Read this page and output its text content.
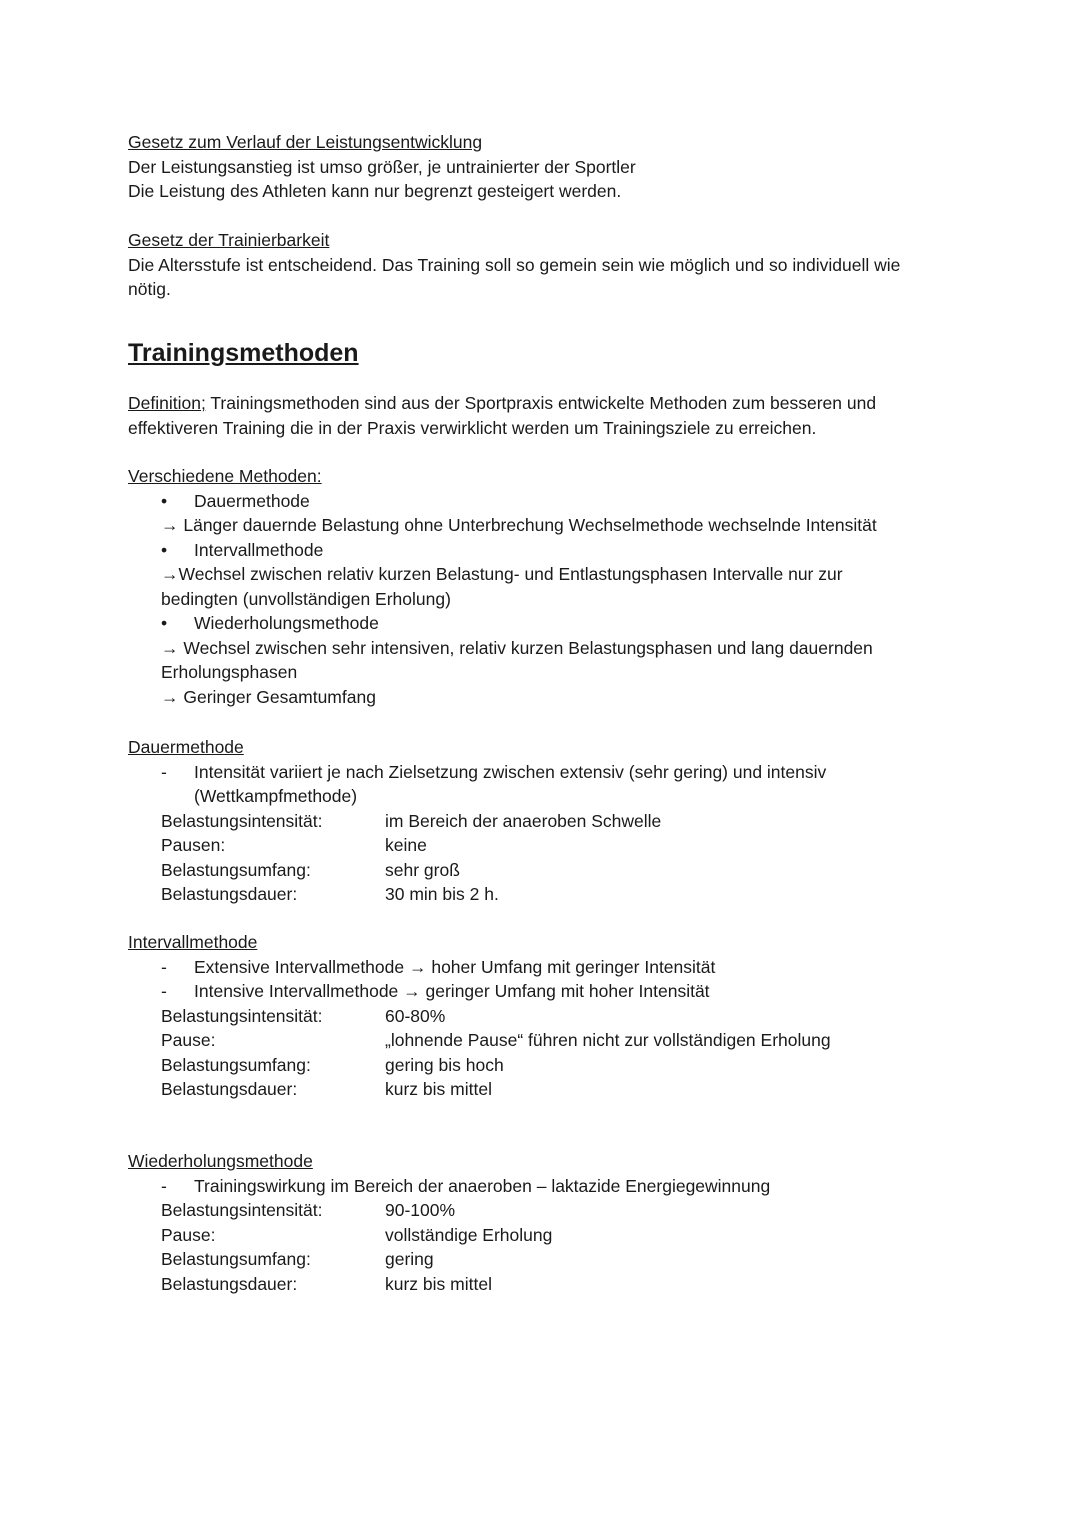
Gesetz zum Verlauf der Leistungsentwicklung
Der Leistungsanstieg ist umso größer, je untrainierter der Sportler
Die Leistung des Athleten kann nur begrenzt gesteigert werden.
Gesetz der Trainierbarkeit
Die Altersstufe ist entscheidend. Das Training soll so gemein sein wie möglich und so individuell wie
nötig.
Trainingsmethoden
Definition; Trainingsmethoden sind aus der Sportpraxis entwickelte Methoden zum besseren und
effektiveren Training die in der Praxis verwirklicht werden um Trainingsziele zu erreichen.
Verschiedene Methoden:
•	Dauermethode
→ Länger dauernde Belastung ohne Unterbrechung Wechselmethode wechselnde Intensität
•	Intervallmethode
→Wechsel zwischen relativ kurzen Belastung- und Entlastungsphasen Intervalle nur zur
bedingten (unvollständigen Erholung)
•	Wiederholungsmethode
→ Wechsel zwischen sehr intensiven, relativ kurzen Belastungsphasen und lang dauernden
Erholungsphasen
→ Geringer Gesamtumfang
Dauermethode
-	Intensität variiert je nach Zielsetzung zwischen extensiv (sehr gering) und intensiv
(Wettkampfmethode)
Belastungsintensität:	im Bereich der anaeroben Schwelle
Pausen:	keine
Belastungsumfang:	sehr groß
Belastungsdauer:	30 min bis 2 h.
Intervallmethode
-	Extensive Intervallmethode → hoher Umfang mit geringer Intensität
-	Intensive Intervallmethode → geringer Umfang mit hoher Intensität
Belastungsintensität:	60-80%
Pause:	„lohnende Pause“ führen nicht zur vollständigen Erholung
Belastungsumfang:	gering bis hoch
Belastungsdauer:	kurz bis mittel
Wiederholungsmethode
-	Trainingswirkung im Bereich der anaeroben – laktazide Energiegewinnung
Belastungsintensität:	90-100%
Pause:	vollständige Erholung
Belastungsumfang:	gering
Belastungsdauer:	kurz bis mittel
